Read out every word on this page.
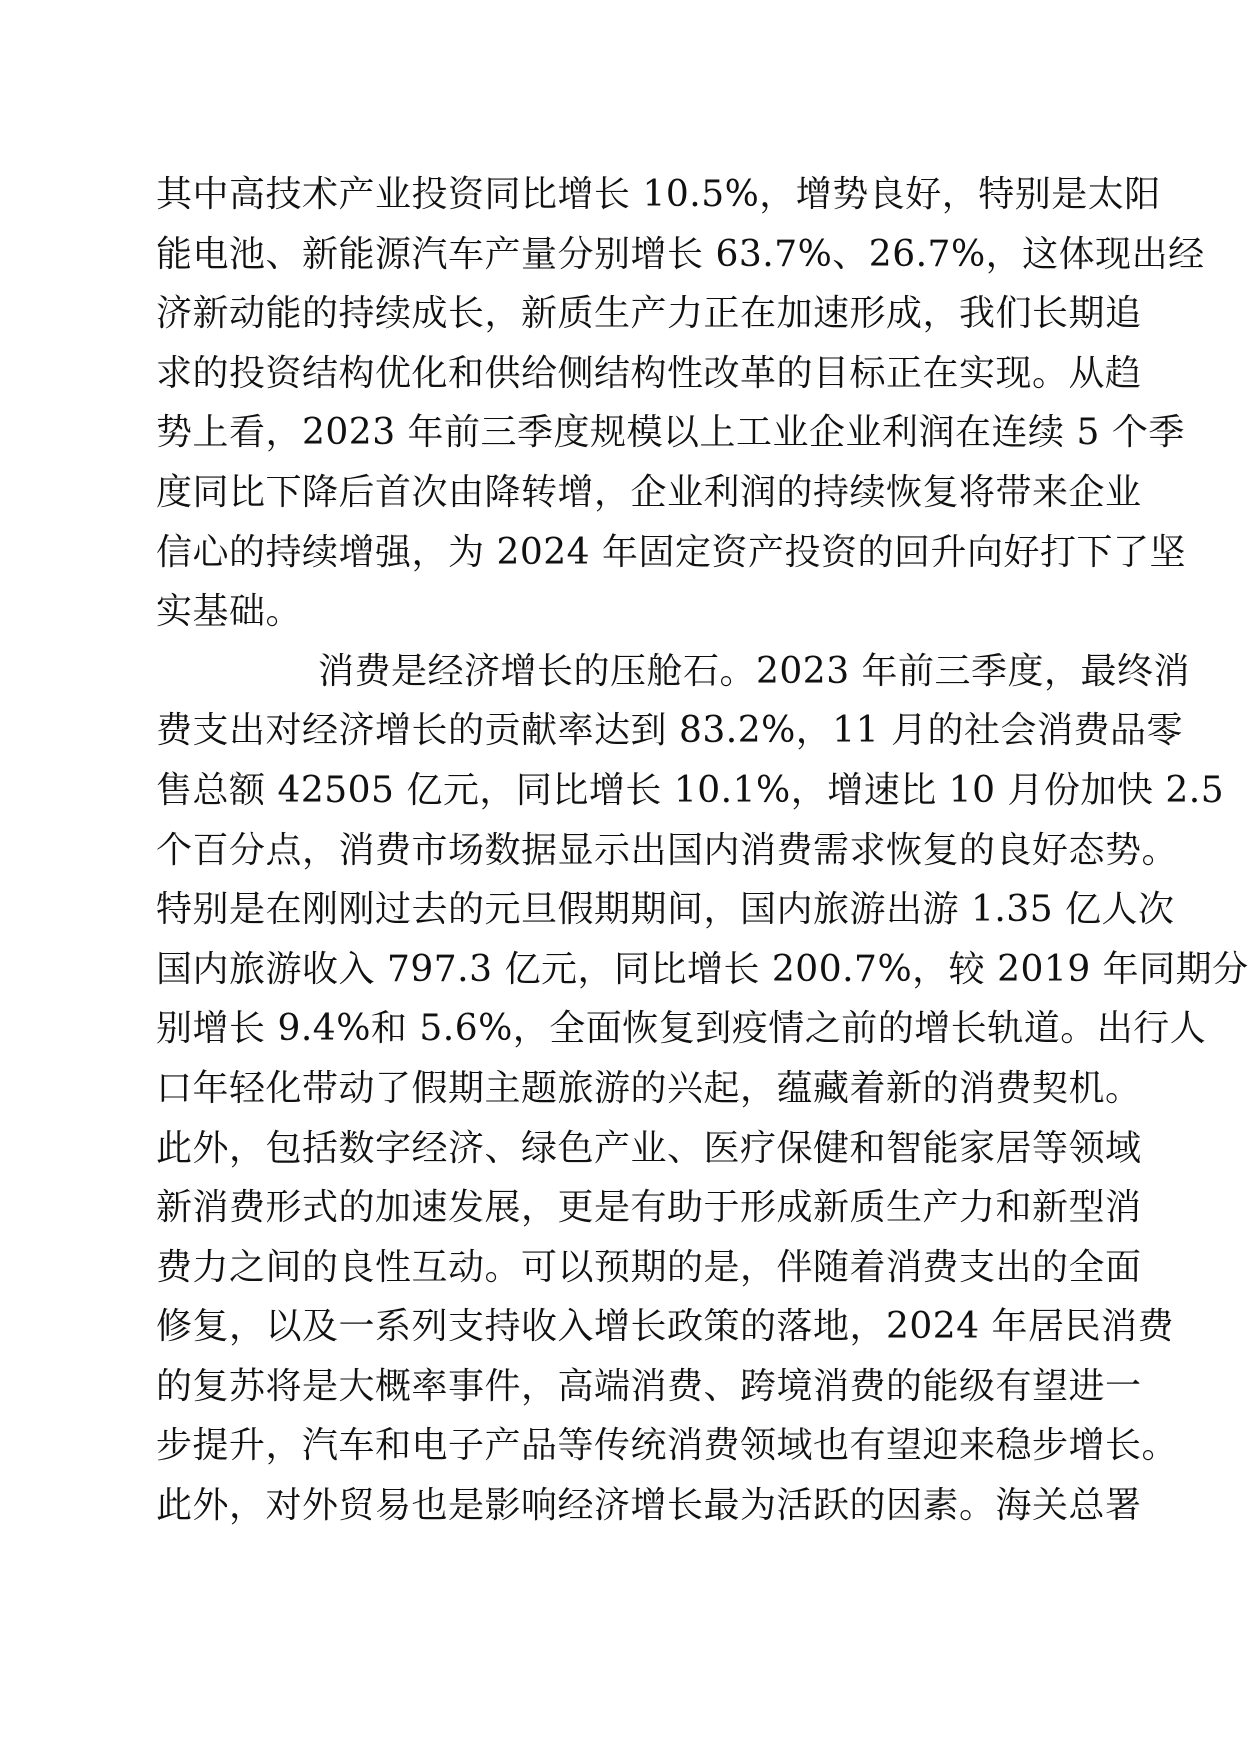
其中高技术产业投资同比增长 10.5%，增势良好，特别是太阳
能电池、新能源汽车产量分别增长 63.7%、26.7%，这体现出经
济新动能的持续成长，新质生产力正在加速形成，我们长期追
求的投资结构优化和供给侧结构性改革的目标正在实现。从趋
势上看，2023 年前三季度规模以上工业企业利润在连续 5 个季
度同比下降后首次由降转增，企业利润的持续恢复将带来企业
信心的持续增强，为 2024 年固定资产投资的回升向好打下了坚
实基础。
消费是经济增长的压舱石。2023 年前三季度，最终消
费支出对经济增长的贡献率达到 83.2%，11 月的社会消费品零
售总额 42505 亿元，同比增长 10.1%，增速比 10 月份加快 2.5
个百分点，消费市场数据显示出国内消费需求恢复的良好态势。
特别是在刚刚过去的元旦假期期间，国内旅游出游 1.35 亿人次
国内旅游收入 797.3 亿元，同比增长 200.7%，较 2019 年同期分
别增长 9.4%和 5.6%，全面恢复到疫情之前的增长轨道。出行人
口年轻化带动了假期主题旅游的兴起，蕴藏着新的消费契机。
此外，包括数字经济、绿色产业、医疗保健和智能家居等领域
新消费形式的加速发展，更是有助于形成新质生产力和新型消
费力之间的良性互动。可以预期的是，伴随着消费支出的全面
修复，以及一系列支持收入增长政策的落地，2024 年居民消费
的复苏将是大概率事件，高端消费、跨境消费的能级有望进一
步提升，汽车和电子产品等传统消费领域也有望迎来稳步增长。
此外，对外贸易也是影响经济增长最为活跃的因素。海关总署
